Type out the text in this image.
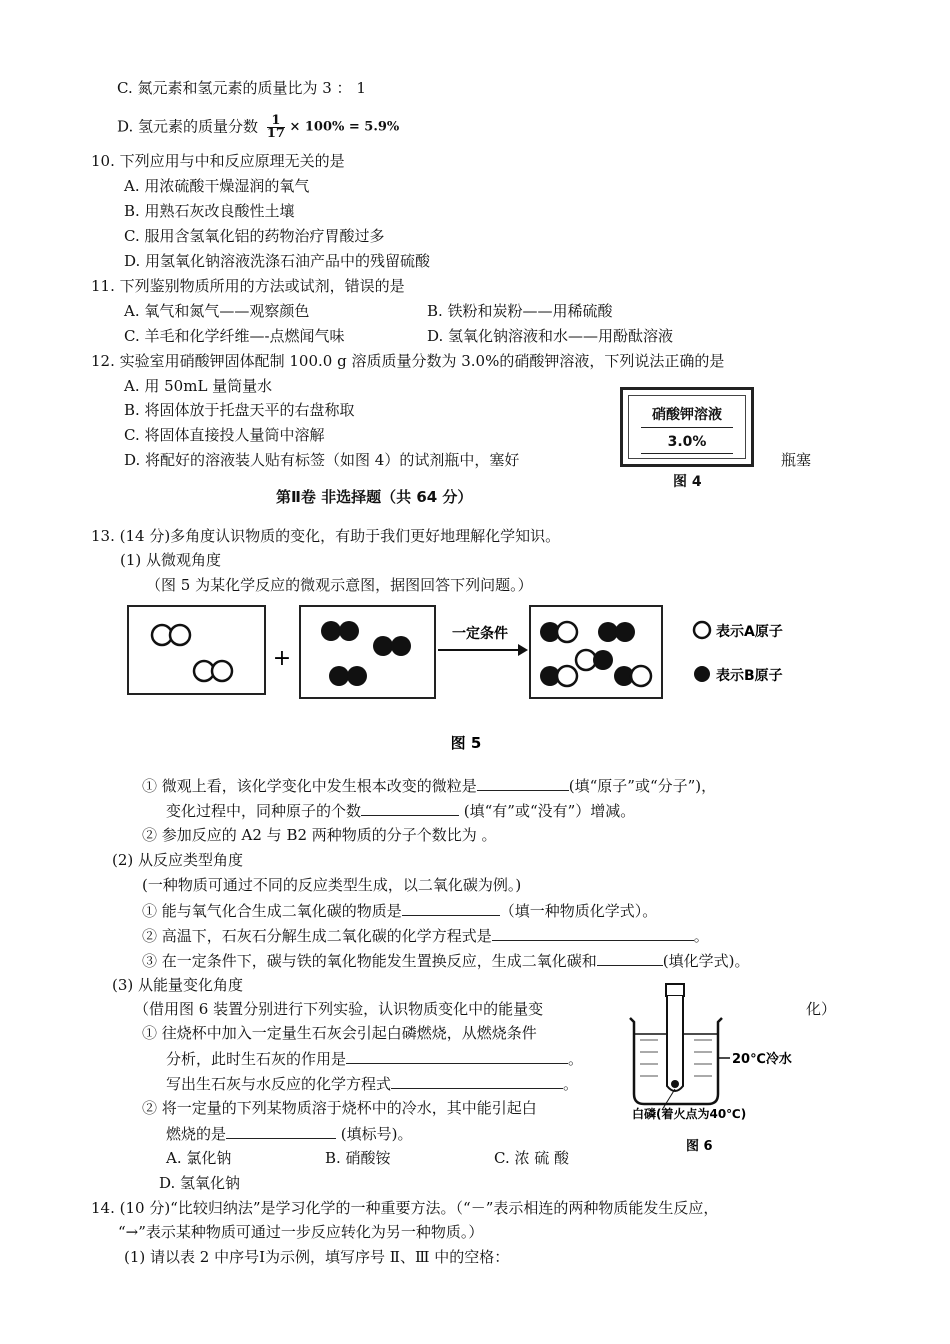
C. 氮元素和氢元素的质量比为 3 ： 1
D. 氢元素的质量分数 $\frac{1}{17} \times 100\% = 5.9\%$
10. 下列应用与中和反应原理无关的是
A. 用浓硫酸干燥湿润的氧气
B. 用熟石灰改良酸性土壤
C. 服用含氢氧化铝的药物治疗胃酸过多
D. 用氢氧化钠溶液洗涤石油产品中的残留硫酸
11. 下列鉴别物质所用的方法或试剂，错误的是
A. 氧气和氮气——观察颜色	B. 铁粉和炭粉——用稀硫酸
C. 羊毛和化学纤维—-点燃闻气味	D. 氢氧化钠溶液和水——用酚酞溶液
12. 实验室用硝酸钾固体配制 100.0 g 溶质质量分数为 3.0%的硝酸钾溶液，下列说法正确的是
A. 用 50mL 量筒量水
B. 将固体放于托盘天平的右盘称取
C. 将固体直接投人量筒中溶解
D. 将配好的溶液装人贴有标签（如图 4）的试剂瓶中，塞好	瓶塞
硝酸钾溶液
3.0%
图 4
第Ⅱ卷 非选择题（共 64 分）
13. (14 分)多角度认识物质的变化，有助于我们更好地理解化学知识。
(1) 从微观角度
（图 5 为某化学反应的微观示意图，据图回答下列问题。）
+
一定条件	表示A原子
表示B原子
图 5
① 微观上看，该化学变化中发生根本改变的微粒是	(填“原子”或“分子”)，
变化过程中，同种原子的个数	(填“有”或“没有”）增减。
② 参加反应的 A2 与 B2 两种物质的分子个数比为 。
(2) 从反应类型角度
(一种物质可通过不同的反应类型生成，以二氧化碳为例。)
① 能与氧气化合生成二氧化碳的物质是	（填一种物质化学式）。
② 高温下，石灰石分解生成二氧化碳的化学方程式是	。
③ 在一定条件下，碳与铁的氧化物能发生置换反应，生成二氧化碳和	(填化学式)。
(3) 从能量变化角度
（借用图 6 装置分别进行下列实验，认识物质变化中的能量变	化）
① 往烧杯中加入一定量生石灰会引起白磷燃烧，从燃烧条件
分析，此时生石灰的作用是	。
写出生石灰与水反应的化学方程式	。
② 将一定量的下列某物质溶于烧杯中的冷水，其中能引起白
燃烧的是	(填标号)。
A. 氯化钠	B. 硝酸铵	C. 浓 硫 酸
D. 氢氧化钠
20℃冷水
白磷(着火点为40℃)
图 6
14. (10 分)“比较归纳法”是学习化学的一种重要方法。（“－”表示相连的两种物质能发生反应，
“→”表示某种物质可通过一步反应转化为另一种物质。）
(1) 请以表 2 中序号Ⅰ为示例，填写序号 Ⅱ、Ⅲ 中的空格：
